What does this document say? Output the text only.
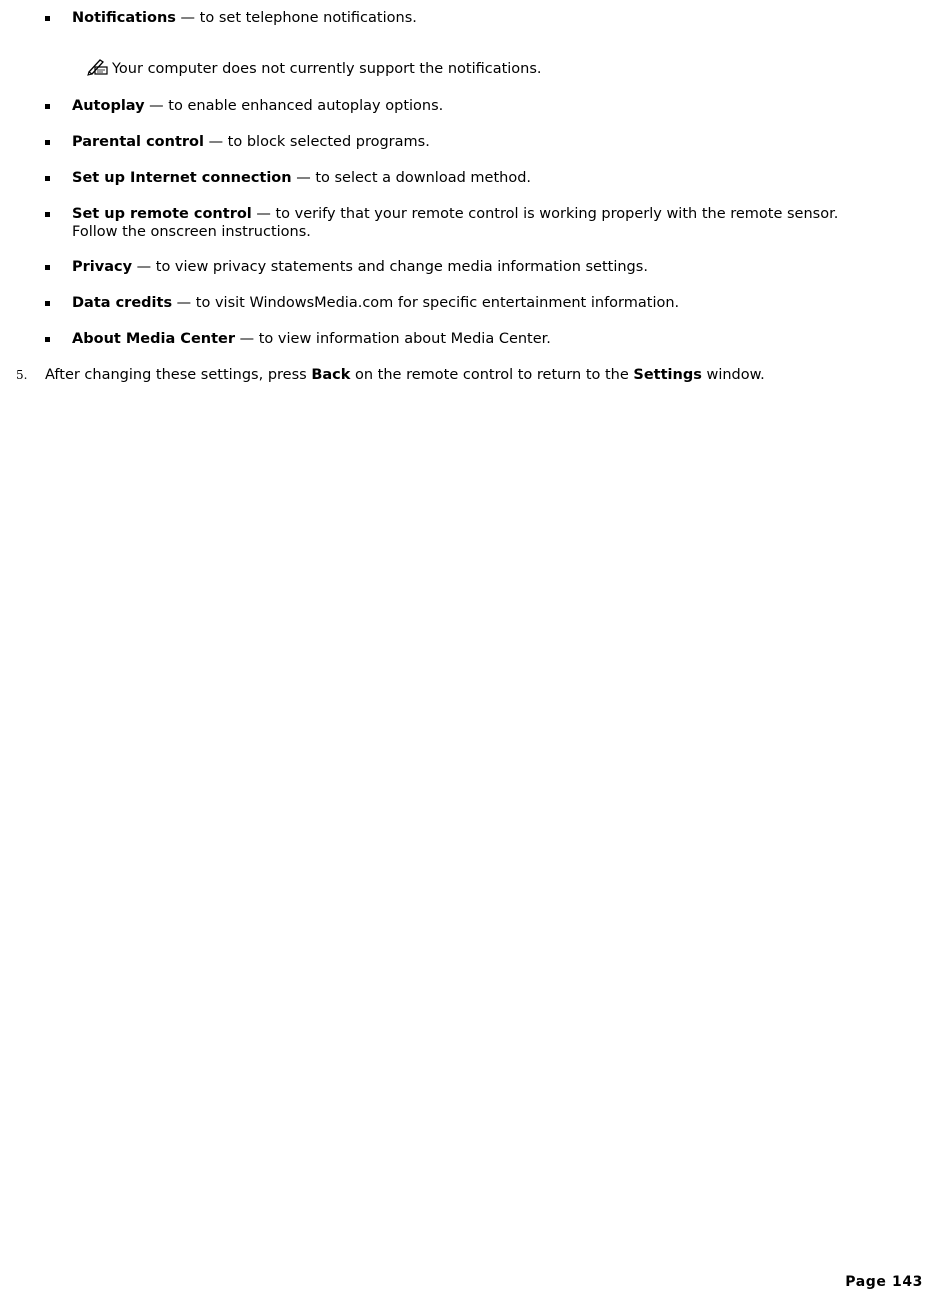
Notifications — to set telephone notifications.
Your computer does not currently support the notifications.
Autoplay — to enable enhanced autoplay options.
Parental control — to block selected programs.
Set up Internet connection — to select a download method.
Set up remote control — to verify that your remote control is working properly with the remote sensor.
Follow the onscreen instructions.
Privacy — to view privacy statements and change media information settings.
Data credits — to visit WindowsMedia.com for specific entertainment information.
About Media Center — to view information about Media Center.
5. After changing these settings, press Back on the remote control to return to the Settings window.
Page 143
